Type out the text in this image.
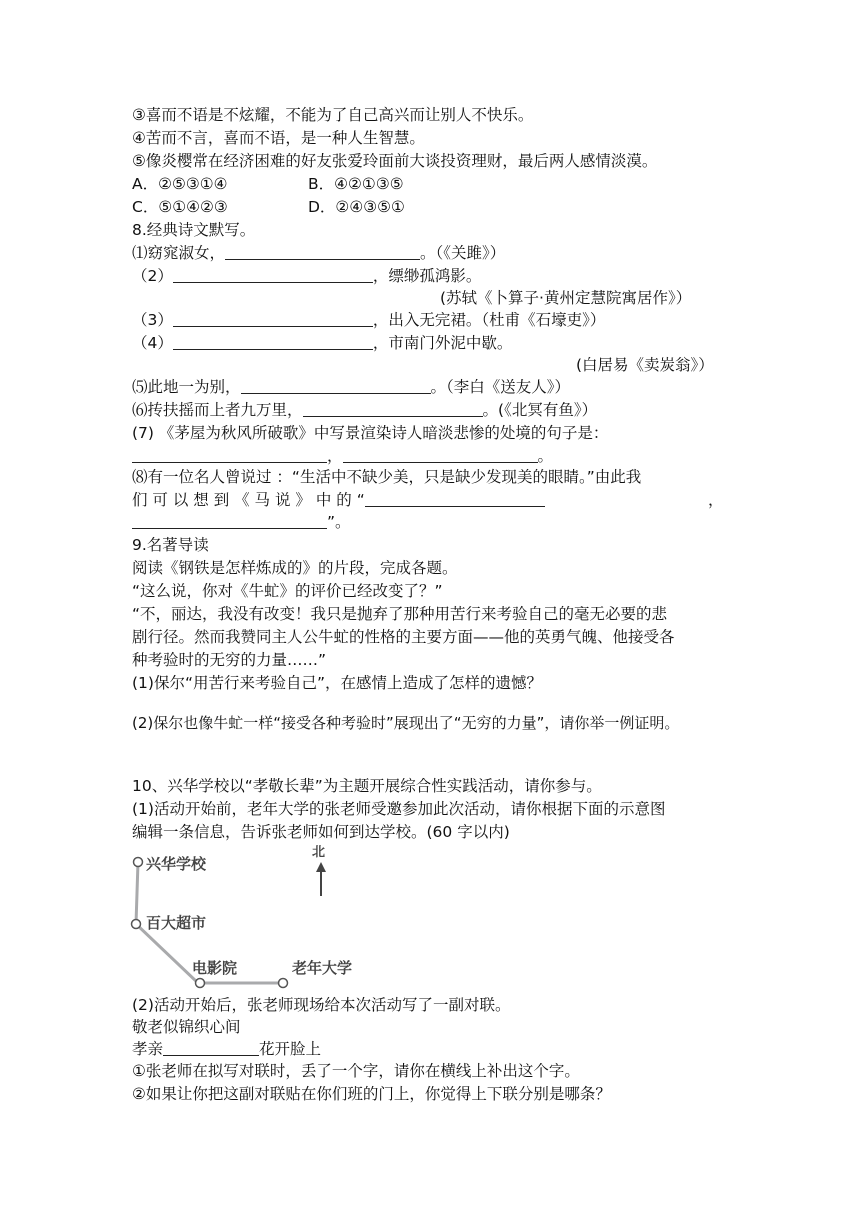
③喜而不语是不炫耀，不能为了自己高兴而让别人不快乐。
④苦而不言，喜而不语，是一种人生智慧。
⑤像炎樱常在经济困难的好友张爱玲面前大谈投资理财，最后两人感情淡漠。
A．②⑤③①④	B．④②①③⑤
C．⑤①④②③	D．②④③⑤①
8.经典诗文默写。
⑴窈窕淑女，	。（《关雎》）
（2）	，缥缈孤鸿影。
(苏轼《卜算子·黄州定慧院寓居作》）
（3）	，出入无完裙。（杜甫《石壕吏》）
（4）	，市南门外泥中歇。
(白居易《卖炭翁》）
⑸此地一为别，	。（李白《送友人》）
⑹抟扶摇而上者九万里，	。(《北冥有鱼》）
(7) 《茅屋为秋风所破歌》中写景渲染诗人暗淡悲惨的处境的句子是：
，	。
⑻有一位名人曾说过 ：“生活中不缺少美，只是缺少发现美的眼睛。”由此我
们 可 以 想 到 《 马 说 》 中 的 “	，
”。
9.名著导读
阅读《钢铁是怎样炼成的》的片段，完成各题。
“这么说，你对《牛虻》的评价已经改变了？”
“不，丽达，我没有改变！我只是抛弃了那种用苦行来考验自己的毫无必要的悲
剧行径。然而我赞同主人公牛虻的性格的主要方面——他的英勇气魄、他接受各
种考验时的无穷的力量……”
(1)保尔“用苦行来考验自己”，在感情上造成了怎样的遗憾？
(2)保尔也像牛虻一样“接受各种考验时”展现出了“无穷的力量”，请你举一例证明。
10、兴华学校以“孝敬长辈”为主题开展综合性实践活动，请你参与。
(1)活动开始前，老年大学的张老师受邀参加此次活动，请你根据下面的示意图
编辑一条信息，告诉张老师如何到达学校。(60 字以内)
兴华学校
百大超市
电影院	老年大学
北
(2)活动开始后，张老师现场给本次活动写了一副对联。
敬老似锦织心间
孝亲	花开脸上
①张老师在拟写对联时，丢了一个字，请你在横线上补出这个字。
②如果让你把这副对联贴在你们班的门上，你觉得上下联分别是哪条？
